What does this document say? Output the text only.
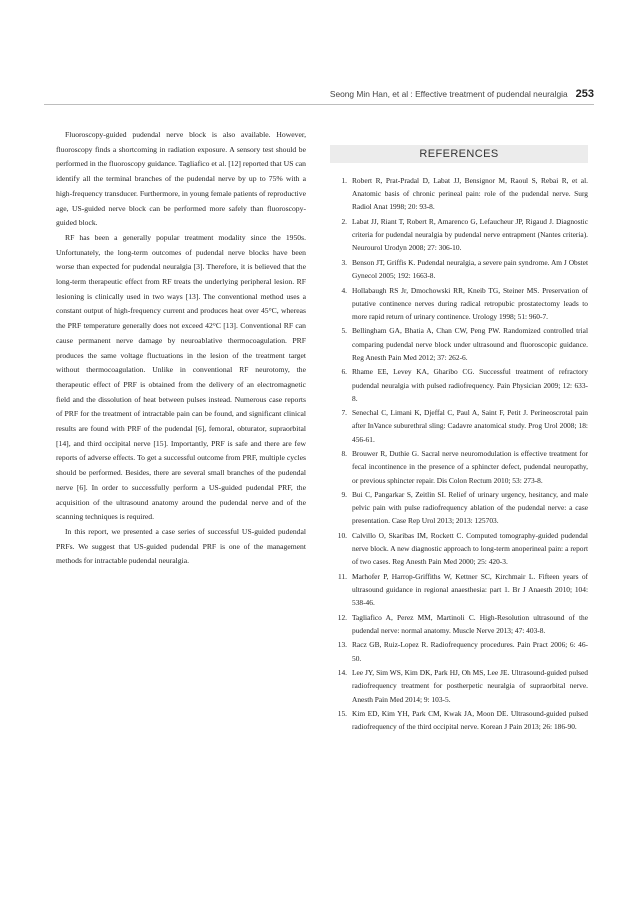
Seong Min Han, et al : Effective treatment of pudendal neuralgia 253

Fluoroscopy-guided pudendal nerve block is also available. However, fluoroscopy finds a shortcoming in radiation exposure. A sensory test should be performed in the fluoroscopy guidance. Tagliafico et al. [12] reported that US can identify all the terminal branches of the pudendal nerve by up to 75% with a high-frequency transducer. Furthermore, in young female patients of reproductive age, US-guided nerve block can be performed more safely than fluoroscopy-guided block.

RF has been a generally popular treatment modality since the 1950s. Unfortunately, the long-term outcomes of pudendal nerve blocks have been worse than expected for pudendal neuralgia [3]. Therefore, it is believed that the long-term therapeutic effect from RF treats the underlying peripheral lesion. RF lesioning is clinically used in two ways [13]. The conventional method uses a constant output of high-frequency current and produces heat over 45°C, whereas the PRF temperature generally does not exceed 42°C [13]. Conventional RF can cause permanent nerve damage by neuroablative thermocoagulation. PRF produces the same voltage fluctuations in the lesion of the treatment target without thermocoagulation. Unlike in conventional RF neurotomy, the therapeutic effect of PRF is obtained from the delivery of an electromagnetic field and the dissolution of heat between pulses instead. Numerous case reports of PRF for the treatment of intractable pain can be found, and significant clinical results are found with PRF of the pudendal [6], femoral, obturator, supraorbital [14], and third occipital nerve [15]. Importantly, PRF is safe and there are few reports of adverse effects. To get a successful outcome from PRF, multiple cycles should be performed. Besides, there are several small branches of the pudendal nerve [6]. In order to successfully perform a US-guided pudendal PRF, the acquisition of the ultrasound anatomy around the pudendal nerve and of the scanning techniques is required.

In this report, we presented a case series of successful US-guided pudendal PRFs. We suggest that US-guided pudendal PRF is one of the management methods for intractable pudendal neuralgia.

REFERENCES
1. Robert R, Prat-Pradal D, Labat JJ, Bensignor M, Raoul S, Rebai R, et al. Anatomic basis of chronic perineal pain: role of the pudendal nerve. Surg Radiol Anat 1998; 20: 93-8.
2. Labat JJ, Riant T, Robert R, Amarenco G, Lefaucheur JP, Rigaud J. Diagnostic criteria for pudendal neuralgia by pudendal nerve entrapment (Nantes criteria). Neurourol Urodyn 2008; 27: 306-10.
3. Benson JT, Griffis K. Pudendal neuralgia, a severe pain syndrome. Am J Obstet Gynecol 2005; 192: 1663-8.
4. Hollabaugh RS Jr, Dmochowski RR, Kneib TG, Steiner MS. Preservation of putative continence nerves during radical retropubic prostatectomy leads to more rapid return of urinary continence. Urology 1998; 51: 960-7.
5. Bellingham GA, Bhatia A, Chan CW, Peng PW. Randomized controlled trial comparing pudendal nerve block under ultrasound and fluoroscopic guidance. Reg Anesth Pain Med 2012; 37: 262-6.
6. Rhame EE, Levey KA, Gharibo CG. Successful treatment of refractory pudendal neuralgia with pulsed radiofrequency. Pain Physician 2009; 12: 633-8.
7. Senechal C, Limani K, Djeffal C, Paul A, Saint F, Petit J. Perineoscrotal pain after InVance suburethral sling: Cadavre anatomical study. Prog Urol 2008; 18: 456-61.
8. Brouwer R, Duthie G. Sacral nerve neuromodulation is effective treatment for fecal incontinence in the presence of a sphincter defect, pudendal neuropathy, or previous sphincter repair. Dis Colon Rectum 2010; 53: 273-8.
9. Bui C, Pangarkar S, Zeitlin SI. Relief of urinary urgency, hesitancy, and male pelvic pain with pulse radiofrequency ablation of the pudendal nerve: a case presentation. Case Rep Urol 2013; 2013: 125703.
10. Calvillo O, Skaribas IM, Rockett C. Computed tomography-guided pudendal nerve block. A new diagnostic approach to long-term anoperineal pain: a report of two cases. Reg Anesth Pain Med 2000; 25: 420-3.
11. Marhofer P, Harrop-Griffiths W, Kettner SC, Kirchmair L. Fifteen years of ultrasound guidance in regional anaesthesia: part 1. Br J Anaesth 2010; 104: 538-46.
12. Tagliafico A, Perez MM, Martinoli C. High-Resolution ultrasound of the pudendal nerve: normal anatomy. Muscle Nerve 2013; 47: 403-8.
13. Racz GB, Ruiz-Lopez R. Radiofrequency procedures. Pain Pract 2006; 6: 46-50.
14. Lee JY, Sim WS, Kim DK, Park HJ, Oh MS, Lee JE. Ultrasound-guided pulsed radiofrequency treatment for postherpetic neuralgia of supraorbital nerve. Anesth Pain Med 2014; 9: 103-5.
15. Kim ED, Kim YH, Park CM, Kwak JA, Moon DE. Ultrasound-guided pulsed radiofrequency of the third occipital nerve. Korean J Pain 2013; 26: 186-90.
